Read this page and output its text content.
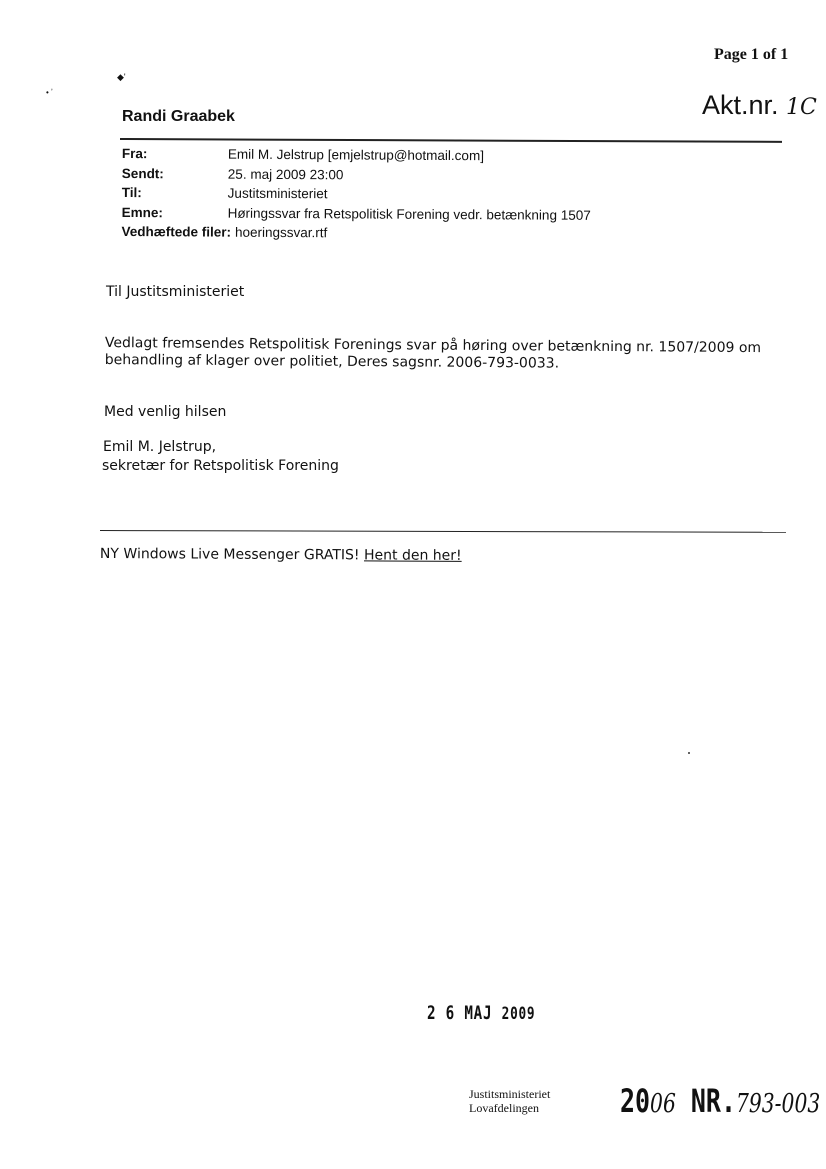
Page 1 of 1
Akt.nr. 1C
◆'
• ʼ
Randi Graabek
Fra:	Emil M. Jelstrup [emjelstrup@hotmail.com]
Sendt:	25. maj 2009 23:00
Til:	Justitsministeriet
Emne:	Høringssvar fra Retspolitisk Forening vedr. betænkning 1507
Vedhæftede filer: hoeringssvar.rtf
Til Justitsministeriet
Vedlagt fremsendes Retspolitisk Forenings svar på høring over betænkning nr. 1507/2009 om
behandling af klager over politiet, Deres sagsnr. 2006-793-0033.
Med venlig hilsen
Emil M. Jelstrup,
sekretær for Retspolitisk Forening
NY Windows Live Messenger GRATIS! Hent den her!
2 6 MAJ 2009
Justitsministeriet
Lovafdelingen	2006 NR.793-003
